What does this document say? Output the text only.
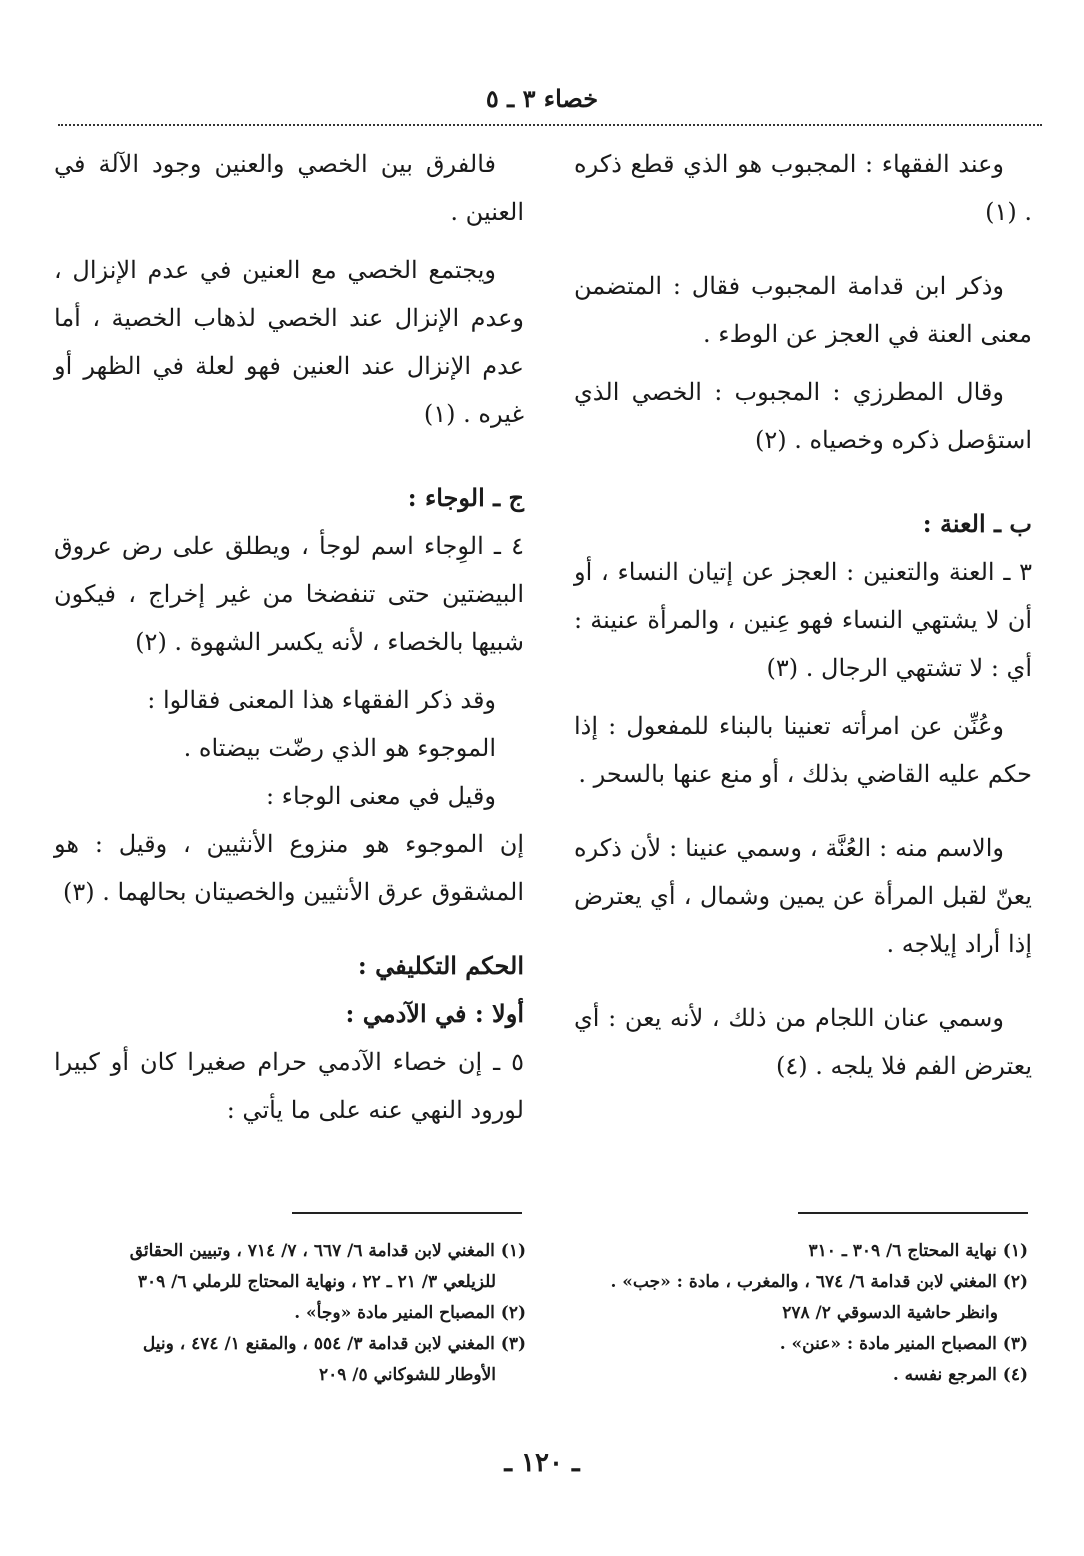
خصاء ٣ ـ ٥

وعند الفقهاء : المجبوب هو الذي قطع ذكره . (١)

وذكر ابن قدامة المجبوب فقال : المتضمن معنى العنة في العجز عن الوطء .

وقال المطرزي : المجبوب : الخصي الذي استؤصل ذكره وخصياه . (٢)

ب ـ العنة :

٣ ـ العنة والتعنين : العجز عن إتيان النساء ، أو أن لا يشتهي النساء فهو عِنين ، والمرأة عنينة : أي : لا تشتهي الرجال . (٣)

وعُنِّن عن امرأته تعنينا بالبناء للمفعول : إذا حكم عليه القاضي بذلك ، أو منع عنها بالسحر .

والاسم منه : العُنَّة ، وسمي عنينا : لأن ذكره يعنّ لقبل المرأة عن يمين وشمال ، أي يعترض إذا أراد إيلاجه .

وسمي عنان اللجام من ذلك ، لأنه يعن : أي يعترض الفم فلا يلجه . (٤)

فالفرق بين الخصي والعنين وجود الآلة في العنين .

ويجتمع الخصي مع العنين في عدم الإنزال ، وعدم الإنزال عند الخصي لذهاب الخصية ، أما عدم الإنزال عند العنين فهو لعلة في الظهر أو غيره . (١)

ج ـ الوجاء :

٤ ـ الوِجاء اسم لوجأ ، ويطلق على رض عروق البيضتين حتى تنفضخا من غير إخراج ، فيكون شبيها بالخصاء ، لأنه يكسر الشهوة . (٢)

وقد ذكر الفقهاء هذا المعنى فقالوا :

الموجوء هو الذي رضّت بيضتاه .

وقيل في معنى الوجاء :

إن الموجوء هو منزوع الأنثيين ، وقيل : هو المشقوق عرق الأنثيين والخصيتان بحالهما . (٣)

الحكم التكليفي :

أولا : في الآدمي :

٥ ـ إن خصاء الآدمي حرام صغيرا كان أو كبيرا لورود النهي عنه على ما يأتي :

(١) نهاية المحتاج ٦/ ٣٠٩ ـ ٣١٠
(٢) المغني لابن قدامة ٦/ ٦٧٤ ، والمغرب ، مادة : «جب» .
وانظر حاشية الدسوقي ٢/ ٢٧٨
(٣) المصباح المنير مادة : «عنن» .
(٤) المرجع نفسه .
(١) المغني لابن قدامة ٦/ ٦٦٧ ، ٧/ ٧١٤ ، وتبيين الحقائق
للزيلعي ٣/ ٢١ ـ ٢٢ ، ونهاية المحتاج للرملي ٦/ ٣٠٩
(٢) المصباح المنير مادة «وجأ» .
(٣) المغني لابن قدامة ٣/ ٥٥٤ ، والمقنع ١/ ٤٧٤ ، ونيل
الأوطار للشوكاني ٥/ ٢٠٩
ـ ١٢٠ ـ
